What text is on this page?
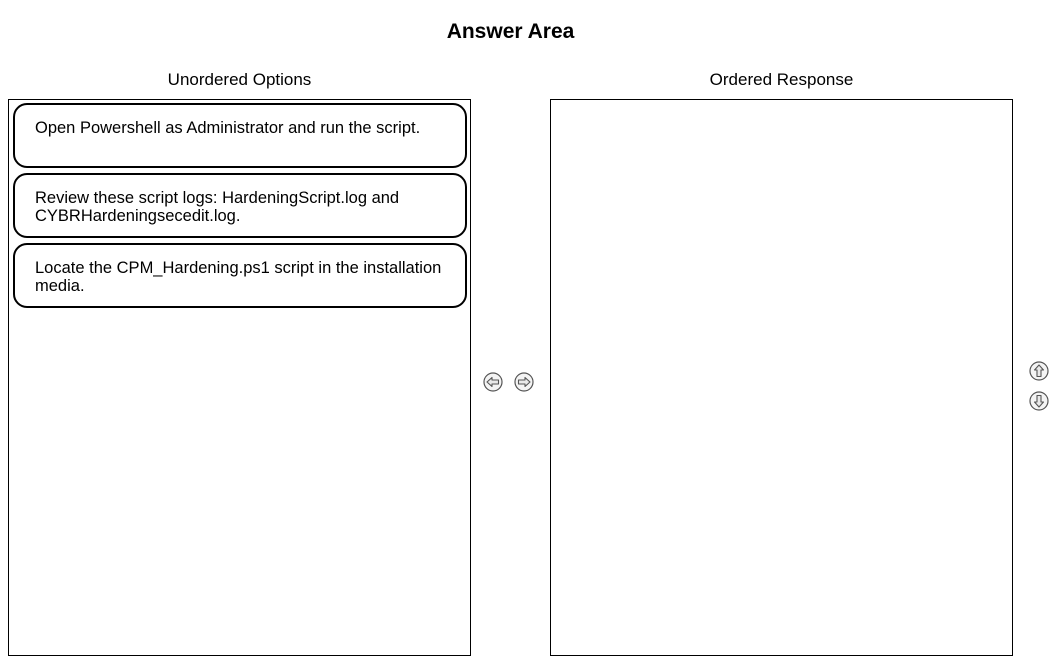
Answer Area
Unordered Options	Ordered Response
Open Powershell as Administrator and run the script.
Review these script logs: HardeningScript.log and CYBRHardeningsecedit.log.
Locate the CPM_Hardening.ps1 script in the installation media.
